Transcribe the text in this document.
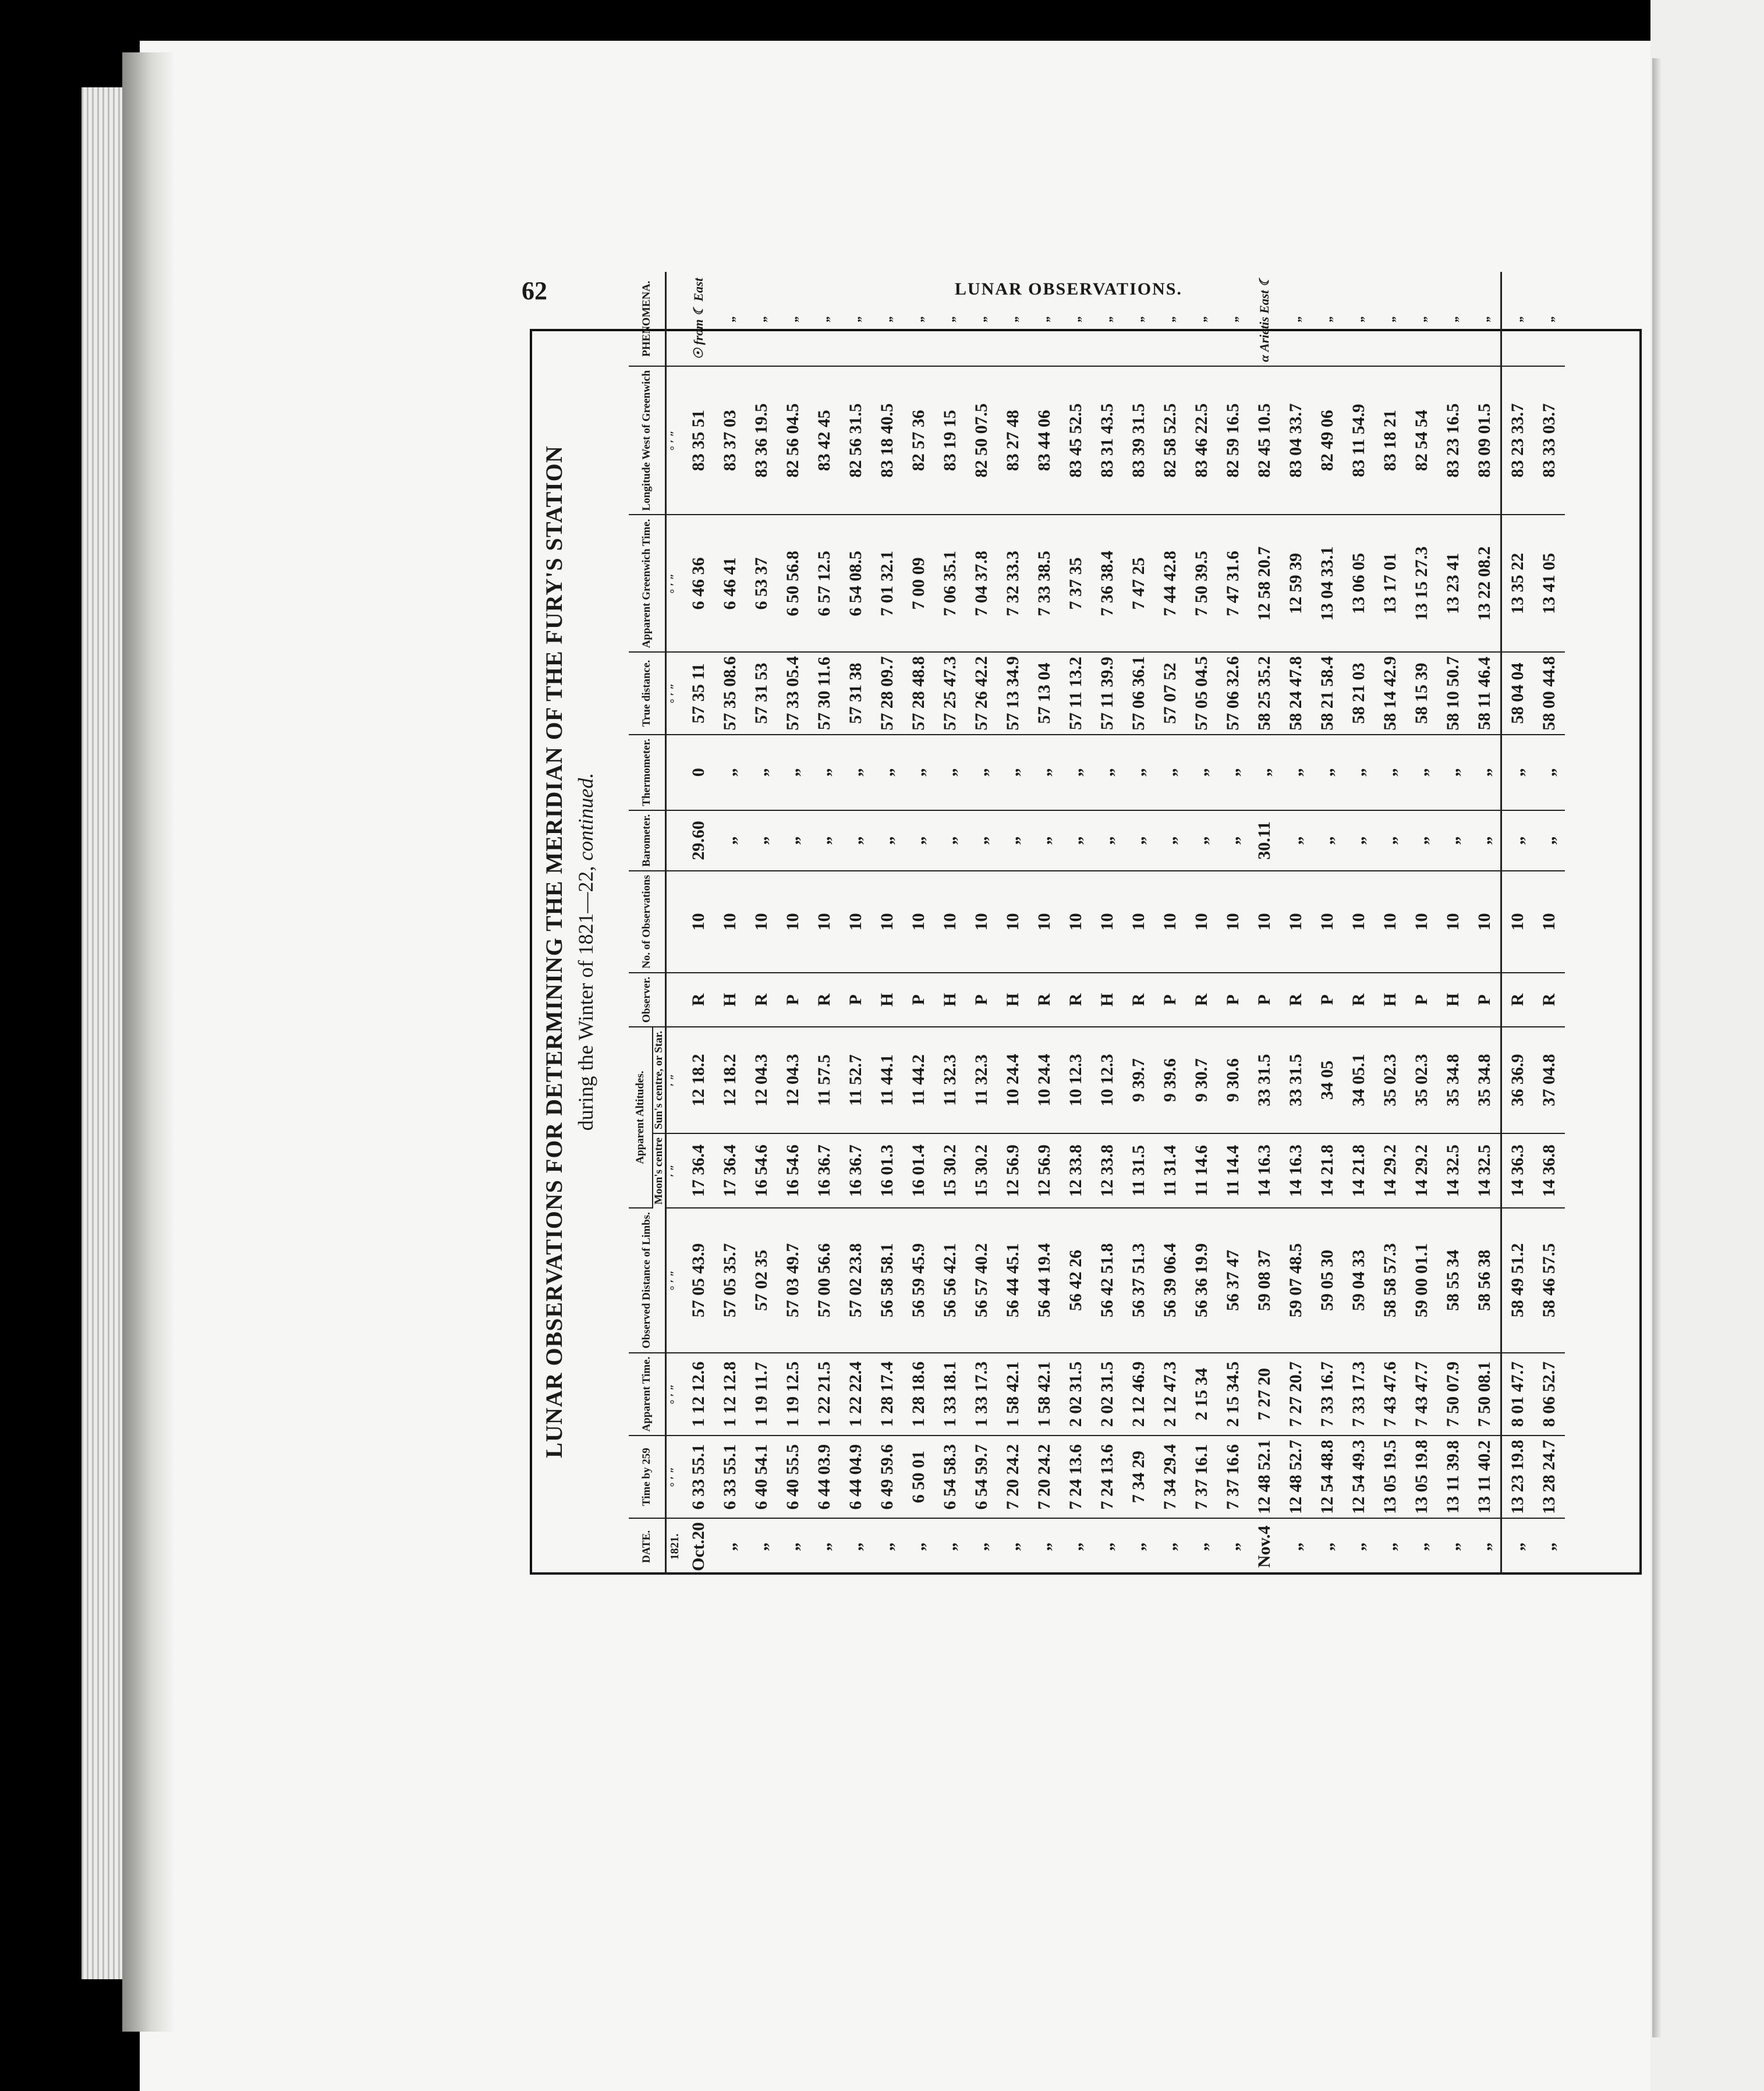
62	LUNAR OBSERVATIONS.
LUNAR OBSERVATIONS FOR DETERMINING THE MERIDIAN OF THE FURY'S STATION during the Winter of 1821—22, continued.
DATE.	Time by 259	Apparent Time.	Observed Distance of Limbs.	Apparent Altitudes.		Observer.	No. of Observations	Barometer.	Thermometer.	True distance.	Apparent Greenwich Time.	Longitude West of Greenwich	PHENOMENA.
				Moon's centre	Sun's centre, or Star.								
1821.	° ′ ″	° ′ ″	° ′ ″	′ ″	′ ″					° ′ ″	° ′ ″	° ′ ″	
Oct.20	6 33 55.1	1 12 12.6	57 05 43.9	17 36.4	12 18.2	R	10	29.60	0	57 35 11	6 46 36	83 35 51	☉ from ☾ East
„	6 33 55.1	1 12 12.8	57 05 35.7	17 36.4	12 18.2	H	10	„	„	57 35 08.6	6 46 41	83 37 03	„
„	6 40 54.1	1 19 11.7	57 02 35	16 54.6	12 04.3	R	10	„	„	57 31 53	6 53 37	83 36 19.5	„
„	6 40 55.5	1 19 12.5	57 03 49.7	16 54.6	12 04.3	P	10	„	„	57 33 05.4	6 50 56.8	82 56 04.5	„
„	6 44 03.9	1 22 21.5	57 00 56.6	16 36.7	11 57.5	R	10	„	„	57 30 11.6	6 57 12.5	83 42 45	„
„	6 44 04.9	1 22 22.4	57 02 23.8	16 36.7	11 52.7	P	10	„	„	57 31 38	6 54 08.5	82 56 31.5	„
„	6 49 59.6	1 28 17.4	56 58 58.1	16 01.3	11 44.1	H	10	„	„	57 28 09.7	7 01 32.1	83 18 40.5	„
„	6 50 01	1 28 18.6	56 59 45.9	16 01.4	11 44.2	P	10	„	„	57 28 48.8	7 00 09	82 57 36	„
„	6 54 58.3	1 33 18.1	56 56 42.1	15 30.2	11 32.3	H	10	„	„	57 25 47.3	7 06 35.1	83 19 15	„
„	6 54 59.7	1 33 17.3	56 57 40.2	15 30.2	11 32.3	P	10	„	„	57 26 42.2	7 04 37.8	82 50 07.5	„
„	7 20 24.2	1 58 42.1	56 44 45.1	12 56.9	10 24.4	H	10	„	„	57 13 34.9	7 32 33.3	83 27 48	„
„	7 20 24.2	1 58 42.1	56 44 19.4	12 56.9	10 24.4	R	10	„	„	57 13 04	7 33 38.5	83 44 06	„
„	7 24 13.6	2 02 31.5	56 42 26	12 33.8	10 12.3	R	10	„	„	57 11 13.2	7 37 35	83 45 52.5	„
„	7 24 13.6	2 02 31.5	56 42 51.8	12 33.8	10 12.3	H	10	„	„	57 11 39.9	7 36 38.4	83 31 43.5	„
„	7 34 29	2 12 46.9	56 37 51.3	11 31.5	9 39.7	R	10	„	„	57 06 36.1	7 47 25	83 39 31.5	„
„	7 34 29.4	2 12 47.3	56 39 06.4	11 31.4	9 39.6	P	10	„	„	57 07 52	7 44 42.8	82 58 52.5	„
„	7 37 16.1	2 15 34	56 36 19.9	11 14.6	9 30.7	R	10	„	„	57 05 04.5	7 50 39.5	83 46 22.5	„
„	7 37 16.6	2 15 34.5	56 37 47	11 14.4	9 30.6	P	10	„	„	57 06 32.6	7 47 31.6	82 59 16.5	„
Nov.4	12 48 52.1	7 27 20	59 08 37	14 16.3	33 31.5	P	10	30.11	„	58 25 35.2	12 58 20.7	82 45 10.5	α Arietis East ☾
„	12 48 52.7	7 27 20.7	59 07 48.5	14 16.3	33 31.5	R	10	„	„	58 24 47.8	12 59 39	83 04 33.7	„
„	12 54 48.8	7 33 16.7	59 05 30	14 21.8	34 05	P	10	„	„	58 21 58.4	13 04 33.1	82 49 06	„
„	12 54 49.3	7 33 17.3	59 04 33	14 21.8	34 05.1	R	10	„	„	58 21 03	13 06 05	83 11 54.9	„
„	13 05 19.5	7 43 47.6	58 58 57.3	14 29.2	35 02.3	H	10	„	„	58 14 42.9	13 17 01	83 18 21	„
„	13 05 19.8	7 43 47.7	59 00 01.1	14 29.2	35 02.3	P	10	„	„	58 15 39	13 15 27.3	82 54 54	„
„	13 11 39.8	7 50 07.9	58 55 34	14 32.5	35 34.8	H	10	„	„	58 10 50.7	13 23 41	83 23 16.5	„
„	13 11 40.2	7 50 08.1	58 56 38	14 32.5	35 34.8	P	10	„	„	58 11 46.4	13 22 08.2	83 09 01.5	„
„	13 23 19.8	8 01 47.7	58 49 51.2	14 36.3	36 36.9	R	10	„	„	58 04 04	13 35 22	83 23 33.7	„
„	13 28 24.7	8 06 52.7	58 46 57.5	14 36.8	37 04.8	R	10	„	„	58 00 44.8	13 41 05	83 33 03.7	„
